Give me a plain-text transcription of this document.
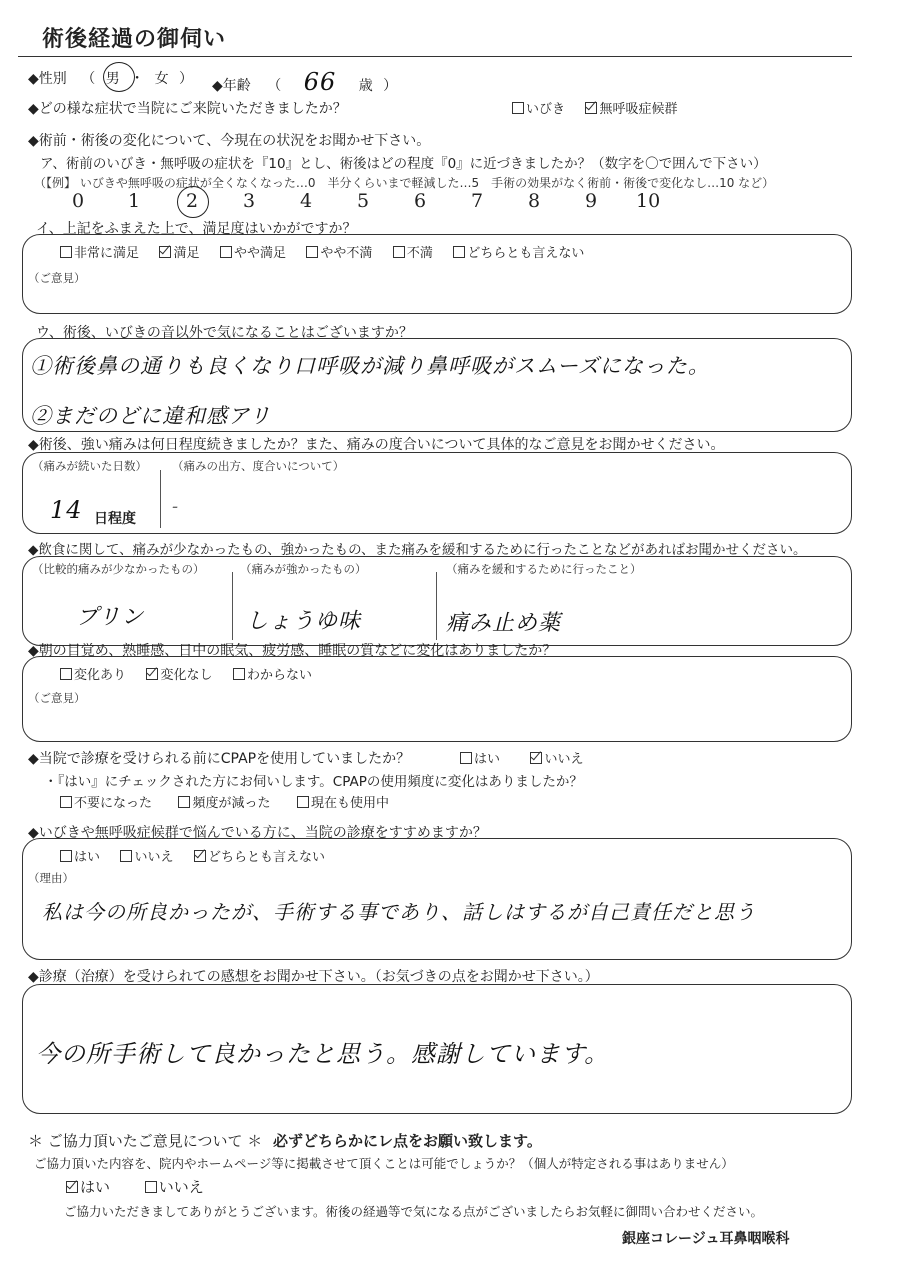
術後経過の御伺い
◆性別 （ 男 ・ 女 ） ◆年齢 （ 66 歳 ）
◆どの様な症状で当院にご来院いただきましたか？	いびき	無呼吸症候群
◆術前・術後の変化について、今現在の状況をお聞かせ下さい。
ア、術前のいびき・無呼吸の症状を『10』とし、術後はどの程度『0』に近づきましたか？（数字を〇で囲んで下さい）
（【例】 いびきや無呼吸の症状が全くなくなった…0　半分くらいまで軽減した…5　手術の効果がなく術前・術後で変化なし…10 など）
0 1 2 3 4 5 6 7 8 9 10
イ、上記をふまえた上で、満足度はいかがですか？
非常に満足	満足	やや満足	やや不満	不満	どちらとも言えない
（ご意見）
ウ、術後、いびきの音以外で気になることはございますか？
①術後鼻の通りも良くなり口呼吸が減り鼻呼吸がスムーズになった。
②まだのどに違和感アリ
◆術後、強い痛みは何日程度続きましたか？また、痛みの度合いについて具体的なご意見をお聞かせください。
（痛みが続いた日数） （痛みの出方、度合いについて）
14 日程度
-
◆飲食に関して、痛みが少なかったもの、強かったもの、また痛みを緩和するために行ったことなどがあればお聞かせください。
（比較的痛みが少なかったもの）	（痛みが強かったもの）	（痛みを緩和するために行ったこと）
プリン	しょうゆ味	痛み止め薬
◆朝の目覚め、熟睡感、日中の眠気、疲労感、睡眠の質などに変化はありましたか？
変化あり	変化なし	わからない
（ご意見）
◆当院で診療を受けられる前にCPAPを使用していましたか？	はい	いいえ
・『はい』にチェックされた方にお伺いします。CPAPの使用頻度に変化はありましたか？
不要になった	頻度が減った	現在も使用中
◆いびきや無呼吸症候群で悩んでいる方に、当院の診療をすすめますか？
はい	いいえ	どちらとも言えない
（理由）
私は今の所良かったが、手術する事であり、話しはするが自己責任だと思う
◆診療（治療）を受けられての感想をお聞かせ下さい。（お気づきの点をお聞かせ下さい。）
今の所手術して良かったと思う。感謝しています。
＊ ご協力頂いたご意見について ＊ 必ずどちらかにレ点をお願い致します。
ご協力頂いた内容を、院内やホームページ等に掲載させて頂くことは可能でしょうか？（個人が特定される事はありません）
はい	いいえ
ご協力いただきましてありがとうございます。術後の経過等で気になる点がございましたらお気軽に御問い合わせください。
銀座コレージュ耳鼻咽喉科
